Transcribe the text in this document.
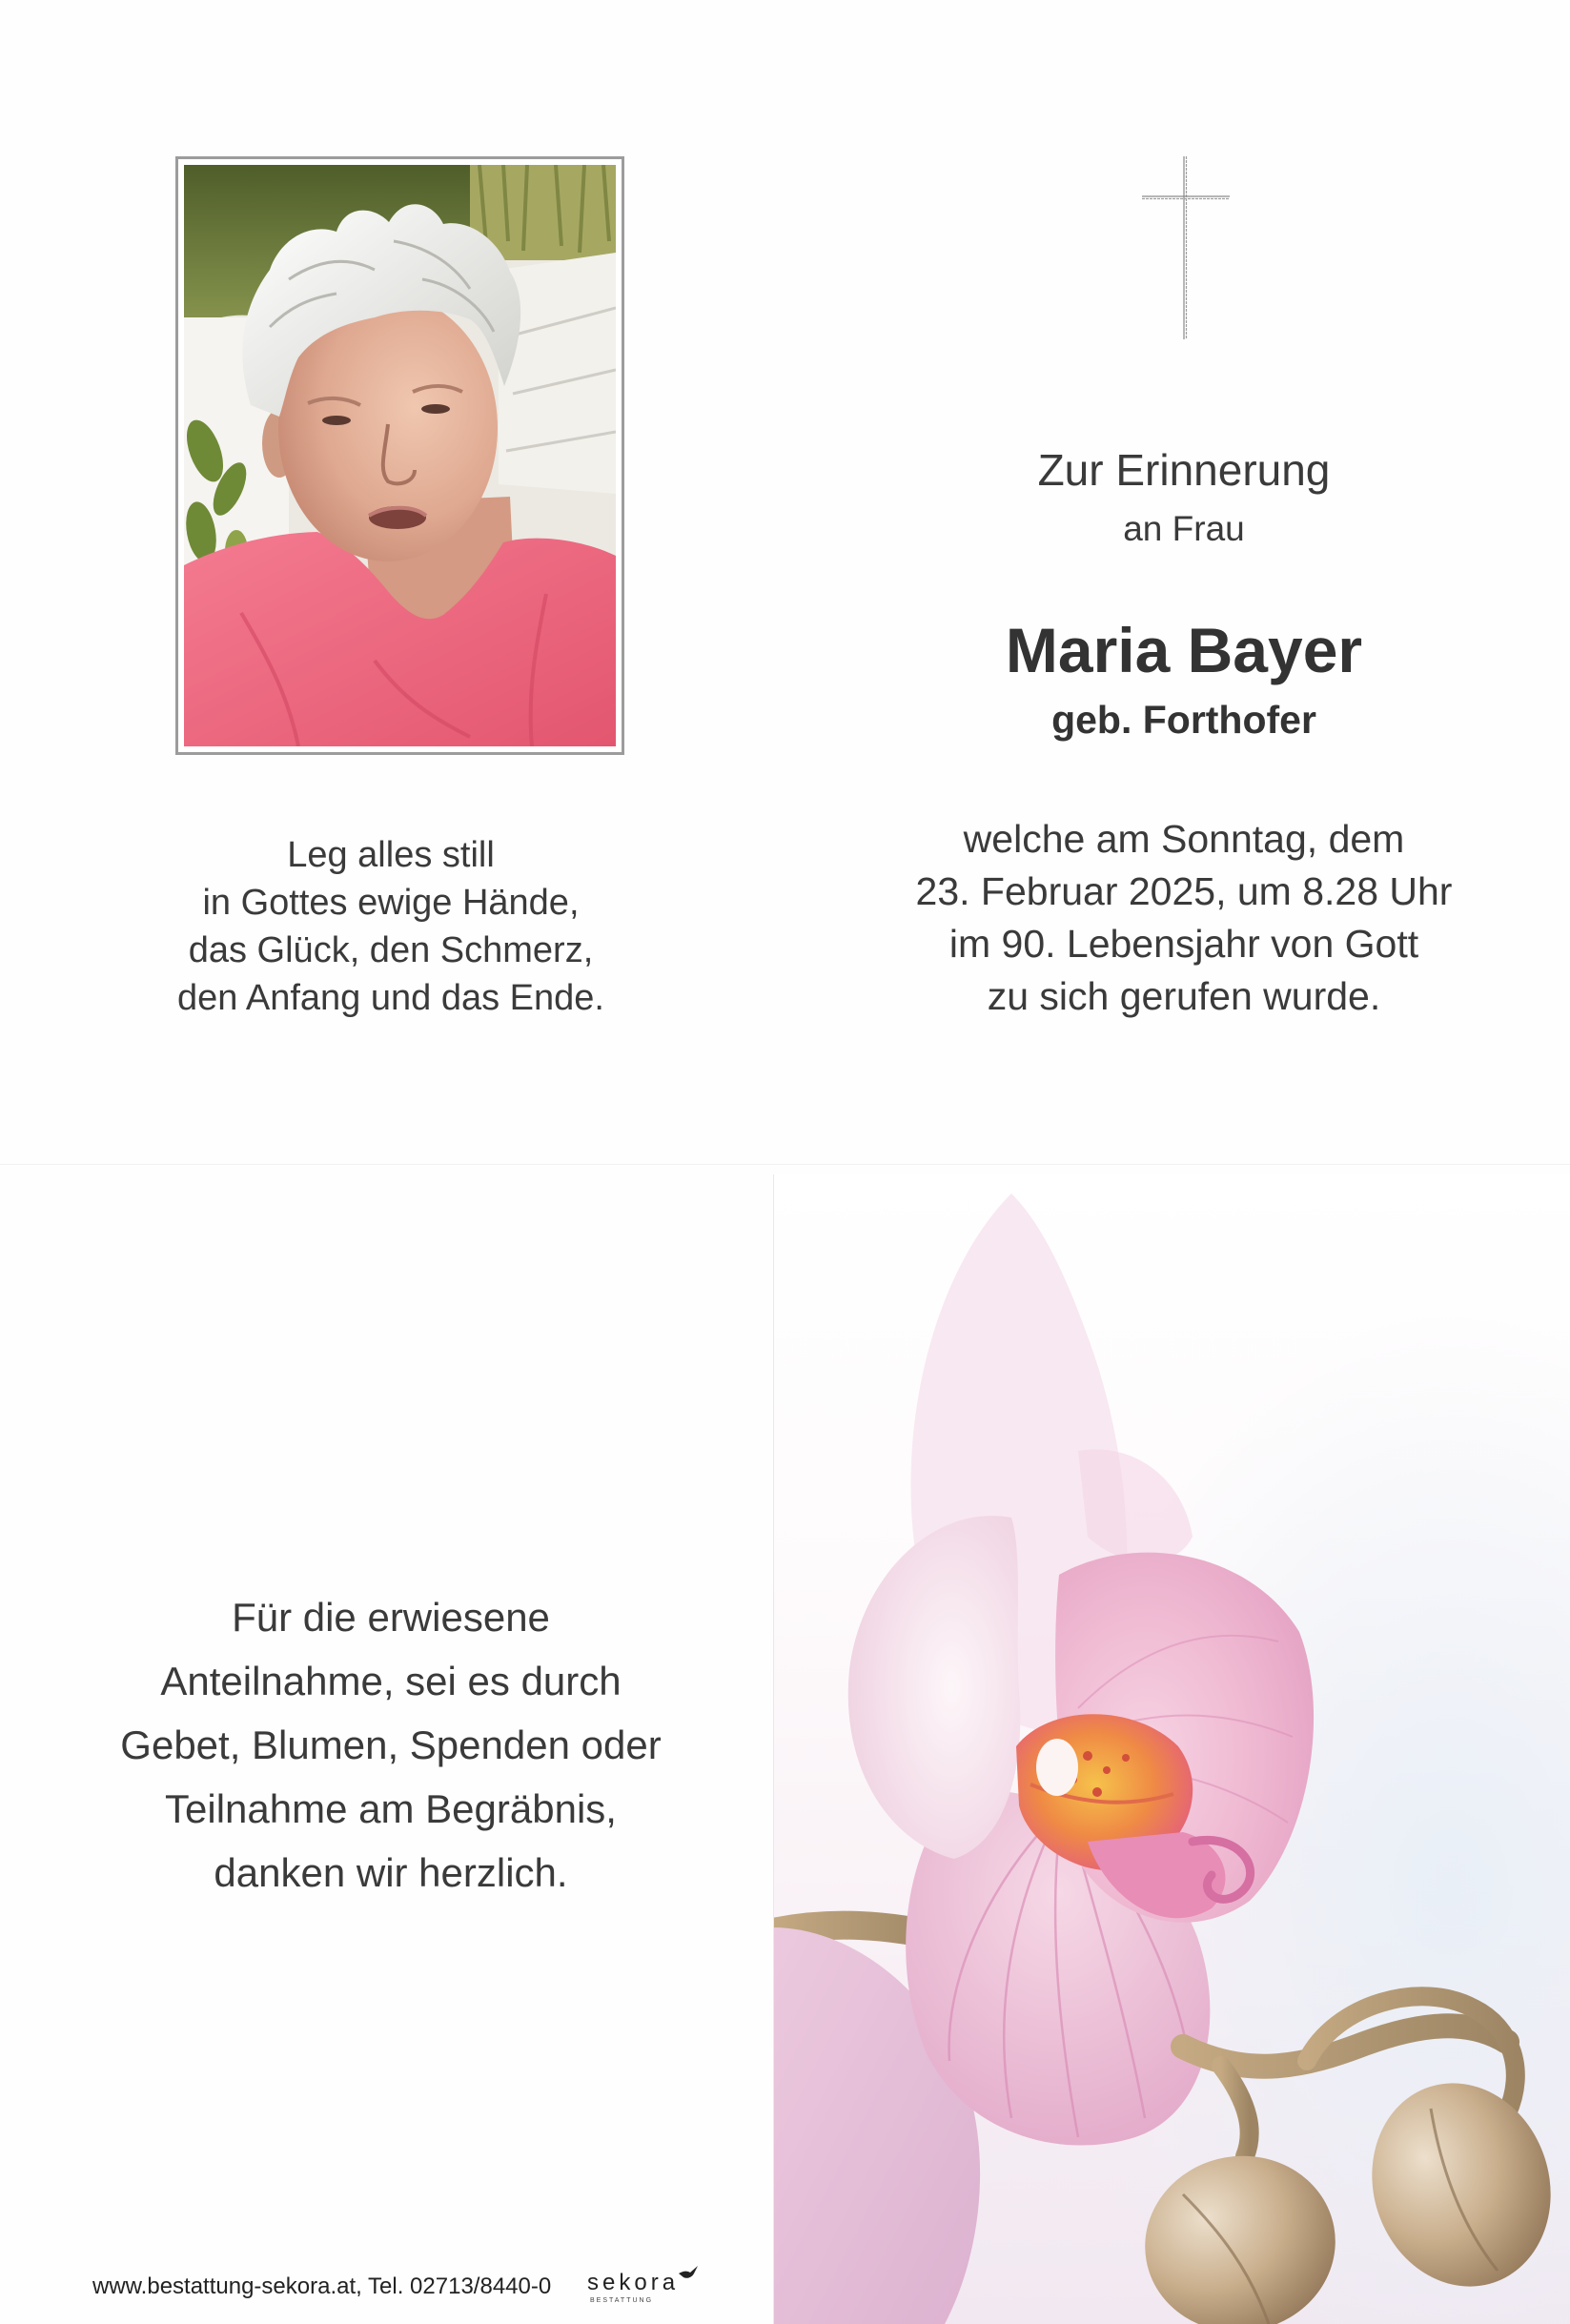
Leg alles still
in Gottes ewige Hände,
das Glück, den Schmerz,
den Anfang und das Ende.
Zur Erinnerung
an Frau
Maria Bayer
geb. Forthofer
welche am Sonntag, dem
23. Februar 2025, um 8.28 Uhr
im 90. Lebensjahr von Gott
zu sich gerufen wurde.
Für die erwiesene
Anteilnahme, sei es durch
Gebet, Blumen, Spenden oder
Teilnahme am Begräbnis,
danken wir herzlich.
www.bestattung-sekora.at, Tel. 02713/8440-0 sekora
BESTATTUNG
